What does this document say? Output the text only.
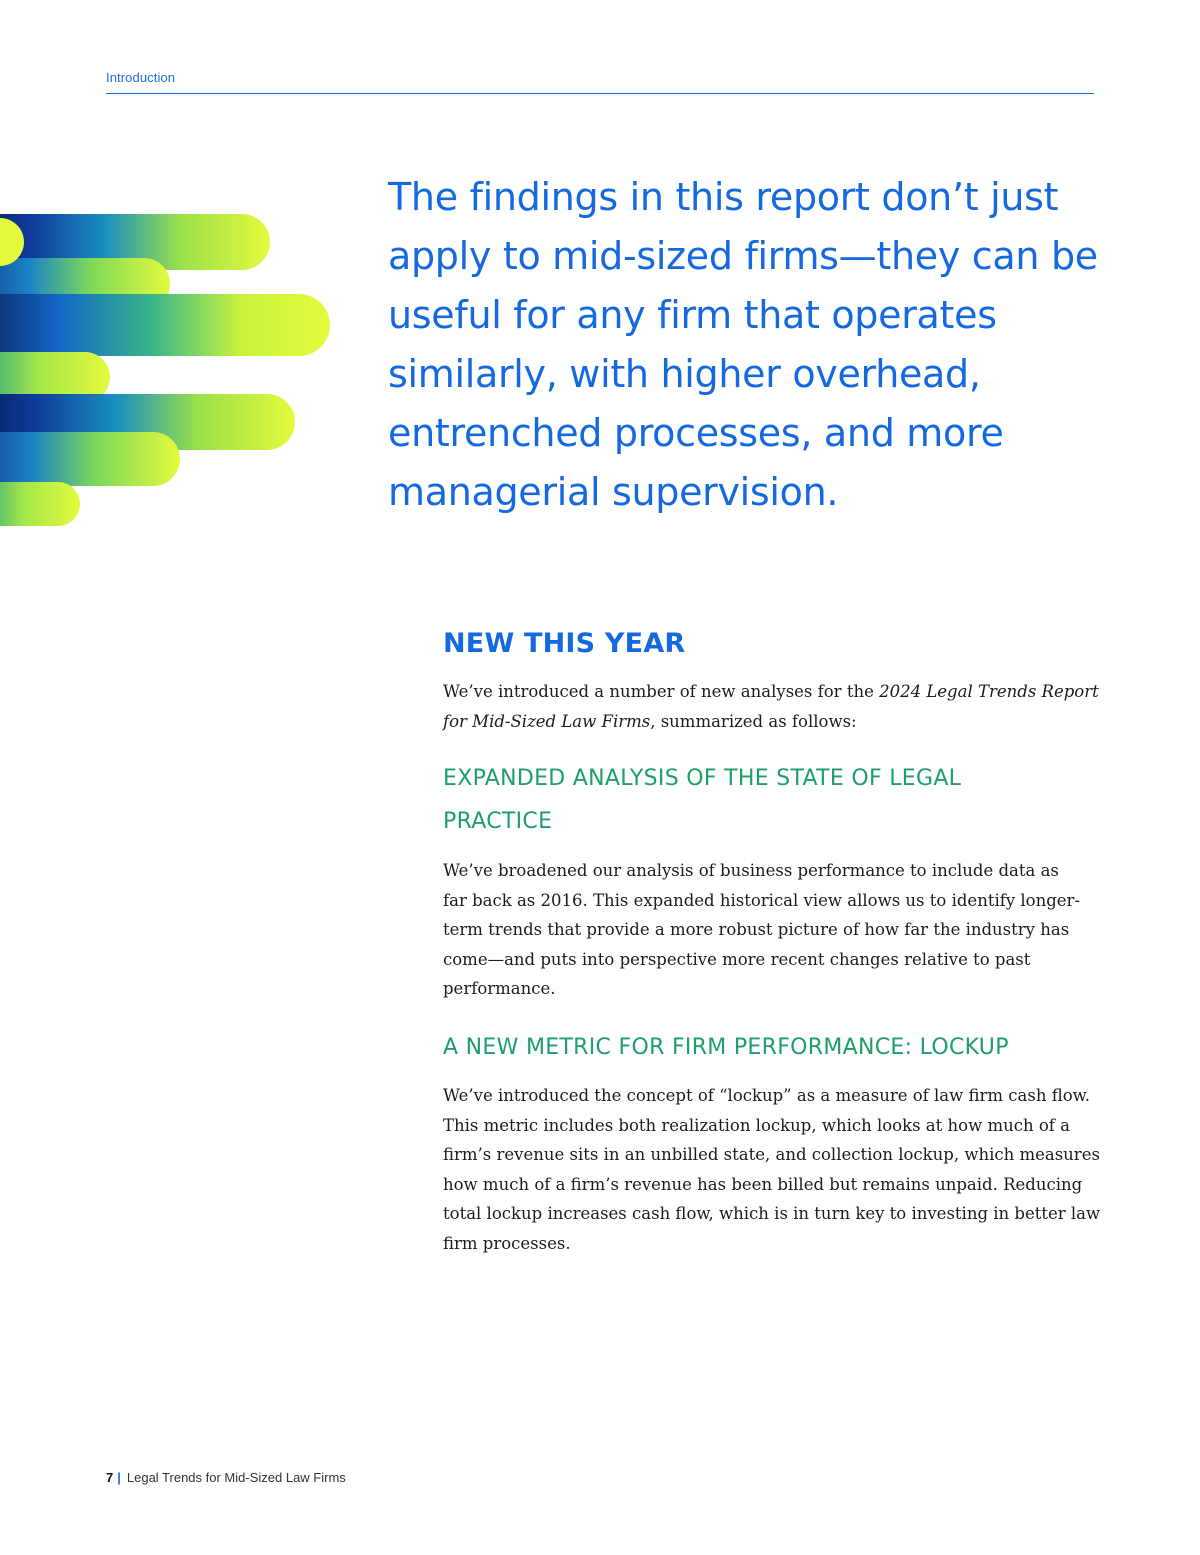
Introduction
The findings in this report don’t just apply to mid-sized firms—they can be useful for any firm that operates similarly, with higher overhead, entrenched processes, and more managerial supervision.
NEW THIS YEAR

We’ve introduced a number of new analyses for the 2024 Legal Trends Report for Mid-Sized Law Firms, summarized as follows:

EXPANDED ANALYSIS OF THE STATE OF LEGAL PRACTICE

We’ve broadened our analysis of business performance to include data as far back as 2016. This expanded historical view allows us to identify longer-term trends that provide a more robust picture of how far the industry has come—and puts into perspective more recent changes relative to past performance.

A NEW METRIC FOR FIRM PERFORMANCE: LOCKUP

We’ve introduced the concept of “lockup” as a measure of law firm cash flow. This metric includes both realization lockup, which looks at how much of a firm’s revenue sits in an unbilled state, and collection lockup, which measures how much of a firm’s revenue has been billed but remains unpaid. Reducing total lockup increases cash flow, which is in turn key to investing in better law firm processes.

7 | Legal Trends for Mid-Sized Law Firms
